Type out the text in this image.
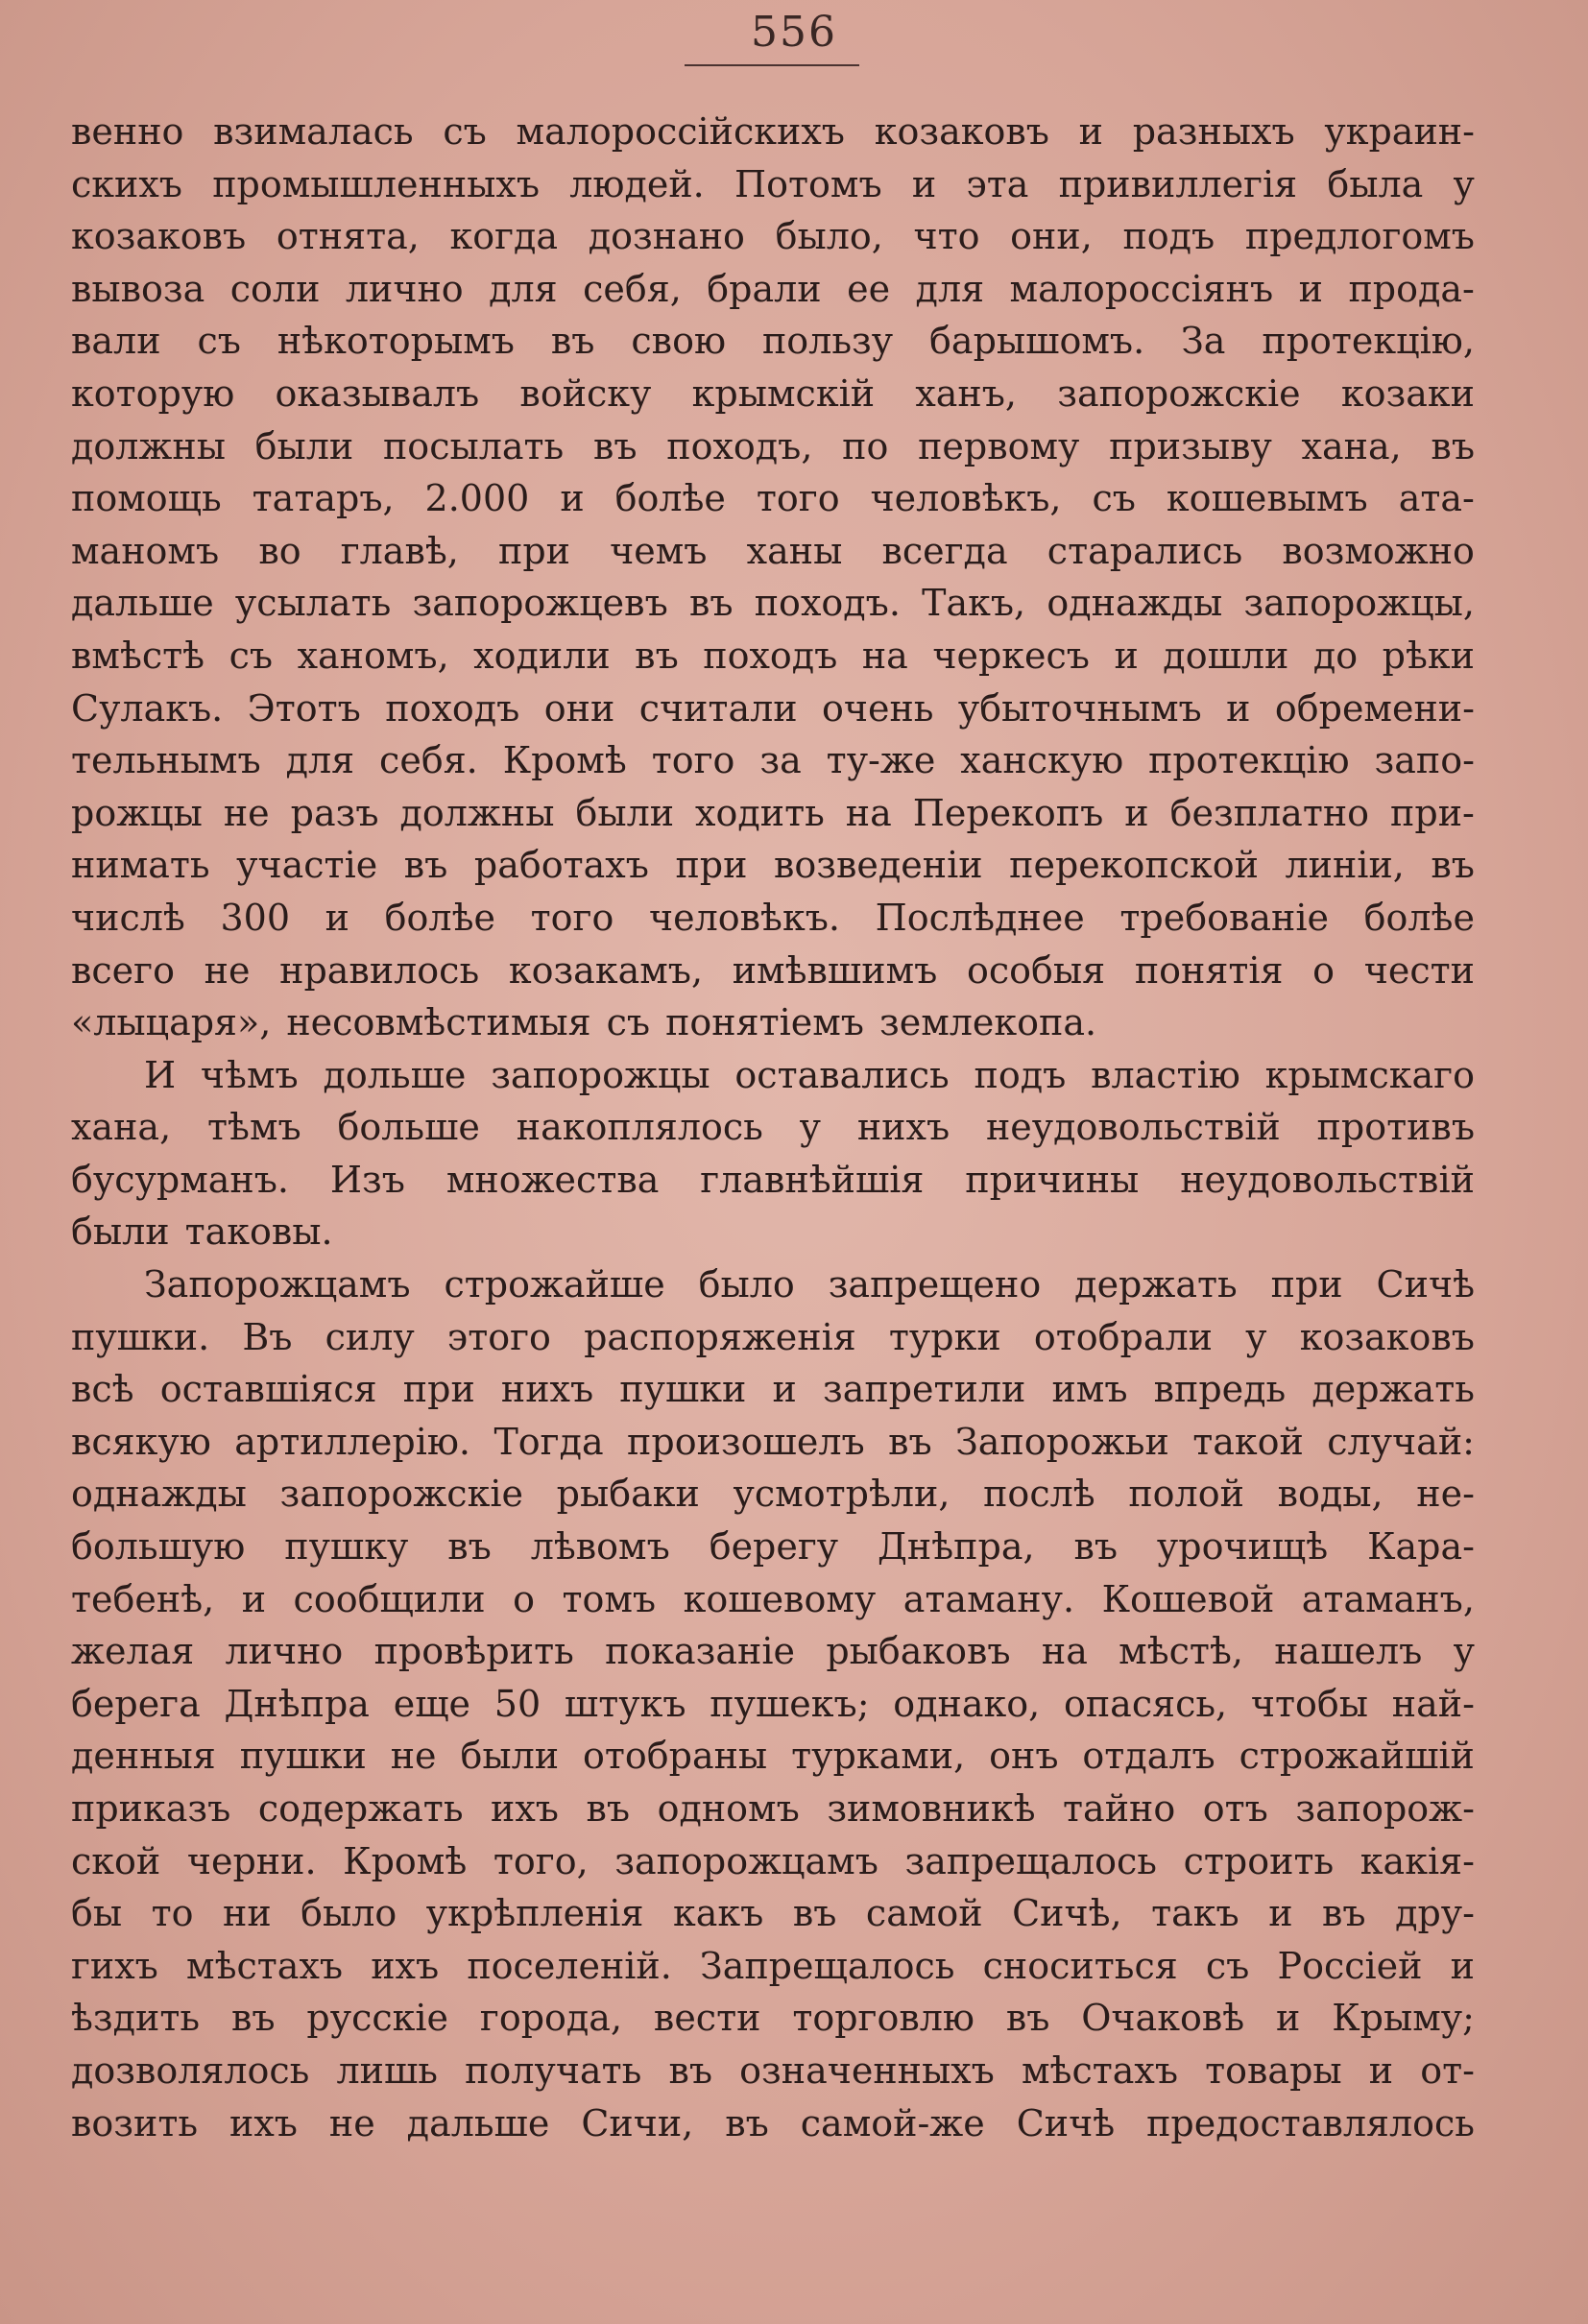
556
венно взималась съ малороссійскихъ козаковъ и разныхъ украин-
скихъ промышленныхъ людей. Потомъ и эта привиллегія была у
козаковъ отнята, когда дознано было, что они, подъ предлогомъ
вывоза соли лично для себя, брали ее для малороссіянъ и прода-
вали съ нѣкоторымъ въ свою пользу барышомъ. За протекцію,
которую оказывалъ войску крымскій ханъ, запорожскіе козаки
должны были посылать въ походъ, по первому призыву хана, въ
помощь татаръ, 2.000 и болѣе того человѣкъ, съ кошевымъ ата-
маномъ во главѣ, при чемъ ханы всегда старались возможно
дальше усылать запорожцевъ въ походъ. Такъ, однажды запорожцы,
вмѣстѣ съ ханомъ, ходили въ походъ на черкесъ и дошли до рѣки
Сулакъ. Этотъ походъ они считали очень убыточнымъ и обремени-
тельнымъ для себя. Кромѣ того за ту-же ханскую протекцію запо-
рожцы не разъ должны были ходить на Перекопъ и безплатно при-
нимать участіе въ работахъ при возведеніи перекопской линіи, въ
числѣ 300 и болѣе того человѣкъ. Послѣднее требованіе болѣе
всего не нравилось козакамъ, имѣвшимъ особыя понятія о чести
«лыцаря», несовмѣстимыя съ понятіемъ землекопа.
И чѣмъ дольше запорожцы оставались подъ властію крымскаго
хана, тѣмъ больше накоплялось у нихъ неудовольствій противъ
бусурманъ. Изъ множества главнѣйшія причины неудовольствій
были таковы.
Запорожцамъ строжайше было запрещено держать при Сичѣ
пушки. Въ силу этого распоряженія турки отобрали у козаковъ
всѣ оставшіяся при нихъ пушки и запретили имъ впредь держать
всякую артиллерію. Тогда произошелъ въ Запорожьи такой случай:
однажды запорожскіе рыбаки усмотрѣли, послѣ полой воды, не-
большую пушку въ лѣвомъ берегу Днѣпра, въ урочищѣ Кара-
тебенѣ, и сообщили о томъ кошевому атаману. Кошевой атаманъ,
желая лично провѣрить показаніе рыбаковъ на мѣстѣ, нашелъ у
берега Днѣпра еще 50 штукъ пушекъ; однако, опасясь, чтобы най-
денныя пушки не были отобраны турками, онъ отдалъ строжайшій
приказъ содержать ихъ въ одномъ зимовникѣ тайно отъ запорож-
ской черни. Кромѣ того, запорожцамъ запрещалось строить какія-
бы то ни было укрѣпленія какъ въ самой Сичѣ, такъ и въ дру-
гихъ мѣстахъ ихъ поселеній. Запрещалось сноситься съ Россіей и
ѣздить въ русскіе города, вести торговлю въ Очаковѣ и Крыму;
дозволялось лишь получать въ означенныхъ мѣстахъ товары и от-
возить ихъ не дальше Сичи, въ самой-же Сичѣ предоставлялось
